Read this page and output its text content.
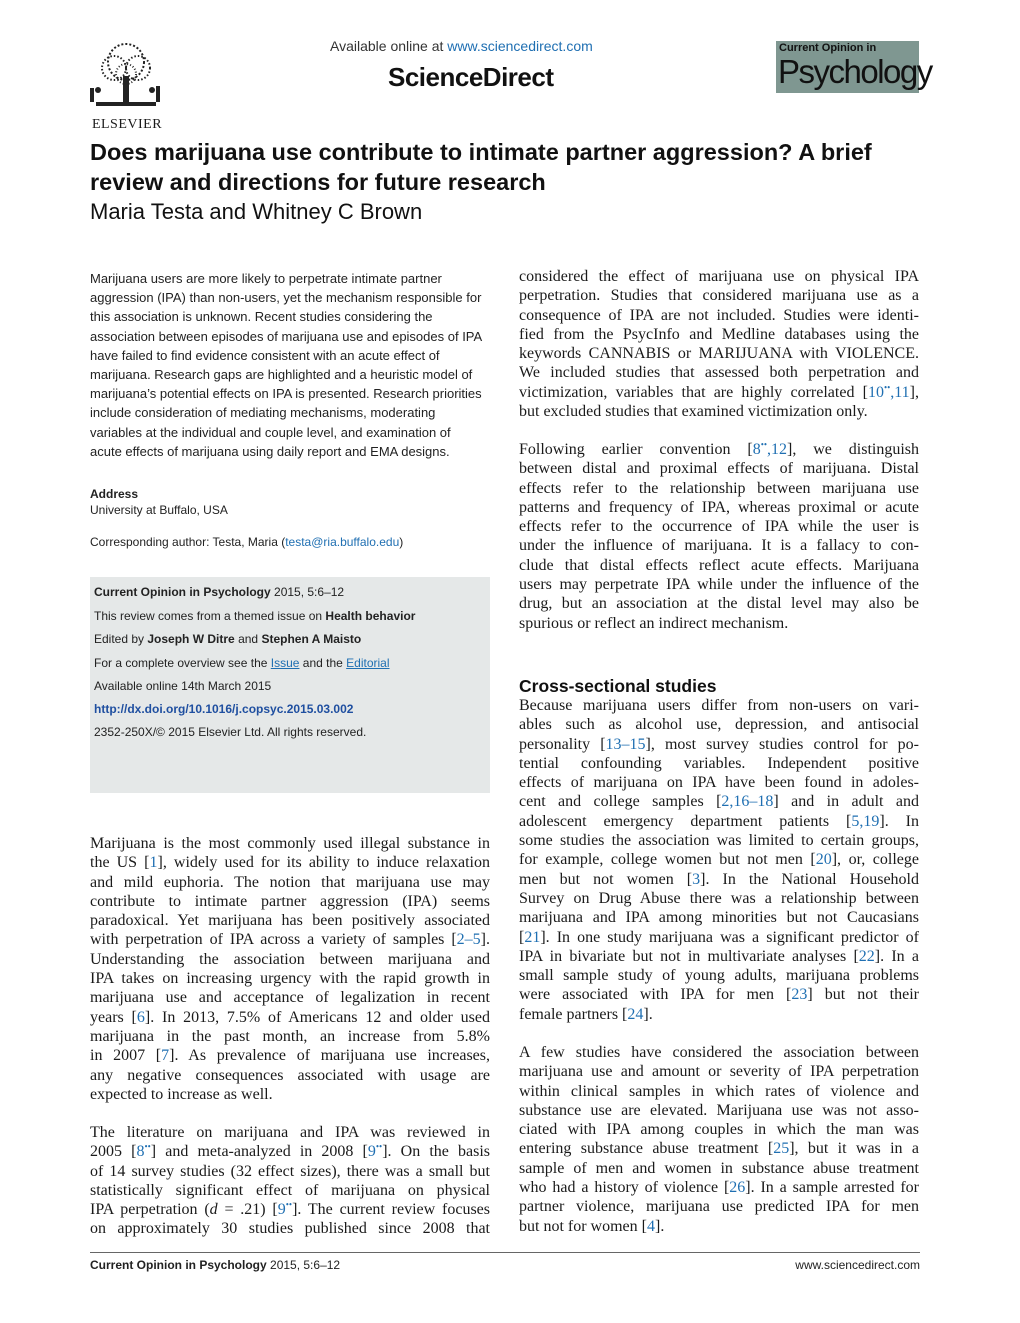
ELSEVIER
Available online at www.sciencedirect.com
ScienceDirect
Current Opinion in
Psychology
Does marijuana use contribute to intimate partner aggression? A brief review and directions for future research
Maria Testa and Whitney C Brown
Marijuana users are more likely to perpetrate intimate partner aggression (IPA) than non-users, yet the mechanism responsible for this association is unknown. Recent studies considering the association between episodes of marijuana use and episodes of IPA have failed to find evidence consistent with an acute effect of marijuana. Research gaps are highlighted and a heuristic model of marijuana’s potential effects on IPA is presented. Research priorities include consideration of mediating mechanisms, moderating variables at the individual and couple level, and examination of acute effects of marijuana using daily report and EMA designs.
Address
University at Buffalo, USA
Corresponding author: Testa, Maria (testa@ria.buffalo.edu)
Current Opinion in Psychology 2015, 5:6–12
This review comes from a themed issue on Health behavior
Edited by Joseph W Ditre and Stephen A Maisto
For a complete overview see the Issue and the Editorial
Available online 14th March 2015
http://dx.doi.org/10.1016/j.copsyc.2015.03.002
2352-250X/© 2015 Elsevier Ltd. All rights reserved.
Marijuana is the most commonly used illegal substance in
the US [1], widely used for its ability to induce relaxation
and mild euphoria. The notion that marijuana use may
contribute to intimate partner aggression (IPA) seems
paradoxical. Yet marijuana has been positively associated
with perpetration of IPA across a variety of samples [2–5].
Understanding the association between marijuana and
IPA takes on increasing urgency with the rapid growth in
marijuana use and acceptance of legalization in recent
years [6]. In 2013, 7.5% of Americans 12 and older used
marijuana in the past month, an increase from 5.8%
in 2007 [7]. As prevalence of marijuana use increases,
any negative consequences associated with usage are
expected to increase as well.
The literature on marijuana and IPA was reviewed in
2005 [8••] and meta-analyzed in 2008 [9••]. On the basis
of 14 survey studies (32 effect sizes), there was a small but
statistically significant effect of marijuana on physical
IPA perpetration (d = .21) [9••]. The current review focuses
on approximately 30 studies published since 2008 that
considered the effect of marijuana use on physical IPA
perpetration. Studies that considered marijuana use as a
consequence of IPA are not included. Studies were identi-
fied from the PsycInfo and Medline databases using the
keywords CANNABIS or MARIJUANA with VIOLENCE.
We included studies that assessed both perpetration and
victimization, variables that are highly correlated [10••,11],
but excluded studies that examined victimization only.
Following earlier convention [8••,12], we distinguish
between distal and proximal effects of marijuana. Distal
effects refer to the relationship between marijuana use
patterns and frequency of IPA, whereas proximal or acute
effects refer to the occurrence of IPA while the user is
under the influence of marijuana. It is a fallacy to con-
clude that distal effects reflect acute effects. Marijuana
users may perpetrate IPA while under the influence of the
drug, but an association at the distal level may also be
spurious or reflect an indirect mechanism.
Cross-sectional studies
Because marijuana users differ from non-users on vari-
ables such as alcohol use, depression, and antisocial
personality [13–15], most survey studies control for po-
tential confounding variables. Independent positive
effects of marijuana on IPA have been found in adoles-
cent and college samples [2,16–18] and in adult and
adolescent emergency department patients [5,19]. In
some studies the association was limited to certain groups,
for example, college women but not men [20], or, college
men but not women [3]. In the National Household
Survey on Drug Abuse there was a relationship between
marijuana and IPA among minorities but not Caucasians
[21]. In one study marijuana was a significant predictor of
IPA in bivariate but not in multivariate analyses [22]. In a
small sample study of young adults, marijuana problems
were associated with IPA for men [23] but not their
female partners [24].
A few studies have considered the association between
marijuana use and amount or severity of IPA perpetration
within clinical samples in which rates of violence and
substance use are elevated. Marijuana use was not asso-
ciated with IPA among couples in which the man was
entering substance abuse treatment [25], but it was in a
sample of men and women in substance abuse treatment
who had a history of violence [26]. In a sample arrested for
partner violence, marijuana use predicted IPA for men
but not for women [4].
Current Opinion in Psychology 2015, 5:6–12	www.sciencedirect.com
